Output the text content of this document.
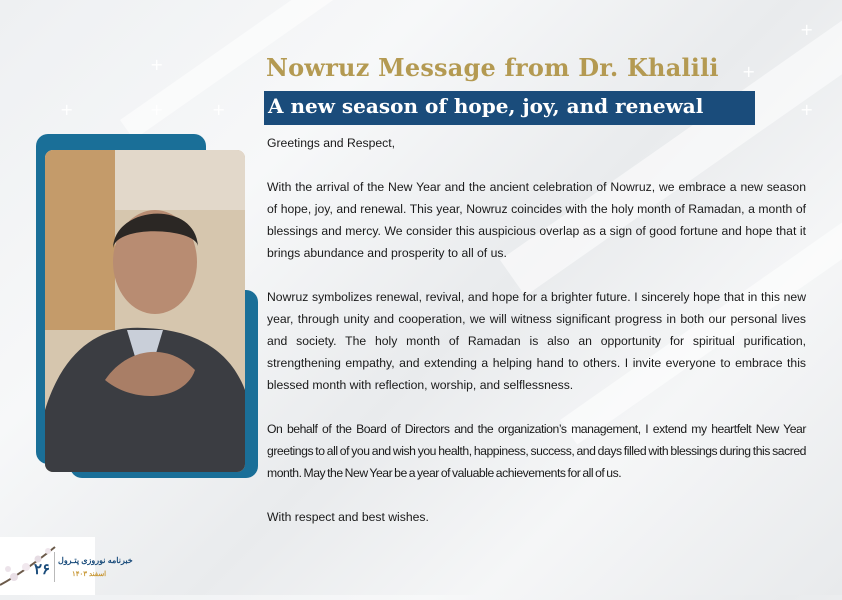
+
+
+	+
+
+
+
Nowruz Message from Dr. Khalili
A new season of hope, joy, and renewal

Greetings and Respect,

With the arrival of the New Year and the ancient celebration of Nowruz, we embrace a new season of hope, joy, and renewal. This year, Nowruz coincides with the holy month of Ramadan, a month of blessings and mercy. We consider this auspicious overlap as a sign of good fortune and hope that it brings abundance and prosperity to all of us.

Nowruz symbolizes renewal, revival, and hope for a brighter future. I sincerely hope that in this new year, through unity and cooperation, we will witness significant progress in both our personal lives and society. The holy month of Ramadan is also an opportunity for spiritual purification, strengthening empathy, and extending a helping hand to others. I invite everyone to embrace this blessed month with reflection, worship, and selflessness.

On behalf of the Board of Directors and the organization’s management, I extend my heartfelt New Year greetings to all of you and wish you health, happiness, success, and days filled with blessings during this sacred month. May the New Year be a year of valuable achievements for all of us.

With respect and best wishes.

۲۶ خبرنامه نوروزی پتـرول
اسفند ۱۴۰۳
